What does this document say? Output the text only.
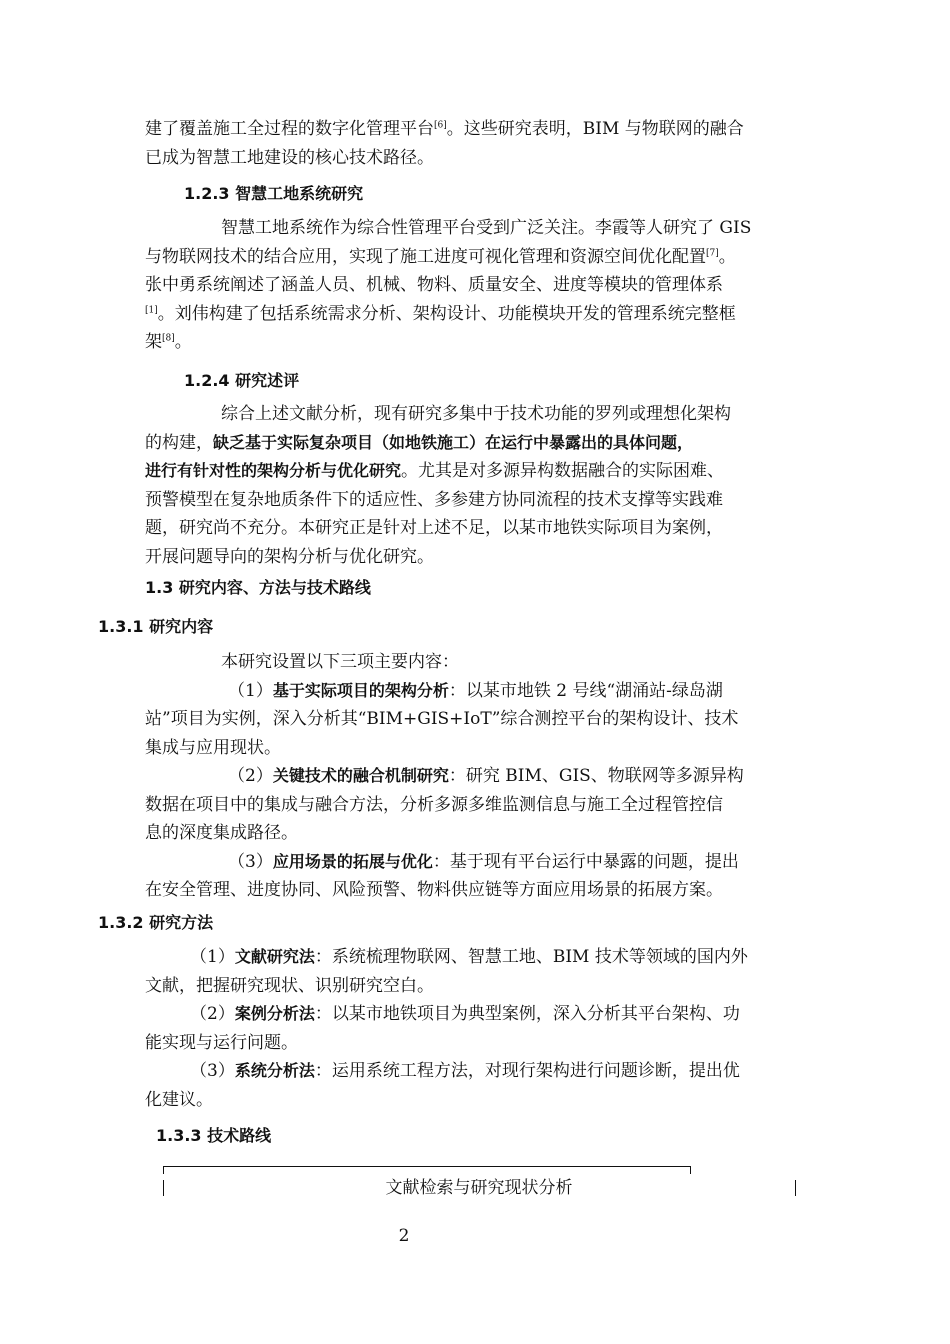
建了覆盖施工全过程的数字化管理平台[6]。这些研究表明，BIM 与物联网的融合
已成为智慧工地建设的核心技术路径。

1.2.3 智慧工地系统研究

智慧工地系统作为综合性管理平台受到广泛关注。李霞等人研究了 GIS
与物联网技术的结合应用，实现了施工进度可视化管理和资源空间优化配置[7]。
张中勇系统阐述了涵盖人员、机械、物料、质量安全、进度等模块的管理体系
[1]。刘伟构建了包括系统需求分析、架构设计、功能模块开发的管理系统完整框
架[8]。

1.2.4 研究述评

综合上述文献分析，现有研究多集中于技术功能的罗列或理想化架构
的构建，缺乏基于实际复杂项目（如地铁施工）在运行中暴露出的具体问题，
进行有针对性的架构分析与优化研究。尤其是对多源异构数据融合的实际困难、
预警模型在复杂地质条件下的适应性、多参建方协同流程的技术支撑等实践难
题，研究尚不充分。本研究正是针对上述不足，以某市地铁实际项目为案例，
开展问题导向的架构分析与优化研究。

1.3 研究内容、方法与技术路线
1.3.1 研究内容

本研究设置以下三项主要内容：
（1）基于实际项目的架构分析：以某市地铁 2 号线“湖涌站-绿岛湖
站”项目为实例，深入分析其“BIM+GIS+IoT”综合测控平台的架构设计、技术
集成与应用现状。
（2）关键技术的融合机制研究：研究 BIM、GIS、物联网等多源异构
数据在项目中的集成与融合方法，分析多源多维监测信息与施工全过程管控信
息的深度集成路径。
（3）应用场景的拓展与优化：基于现有平台运行中暴露的问题，提出
在安全管理、进度协同、风险预警、物料供应链等方面应用场景的拓展方案。

1.3.2 研究方法

（1）文献研究法：系统梳理物联网、智慧工地、BIM 技术等领域的国内外
文献，把握研究现状、识别研究空白。
（2）案例分析法：以某市地铁项目为典型案例，深入分析其平台架构、功
能实现与运行问题。
（3）系统分析法：运用系统工程方法，对现行架构进行问题诊断，提出优
化建议。

1.3.3 技术路线
文献检索与研究现状分析
2
